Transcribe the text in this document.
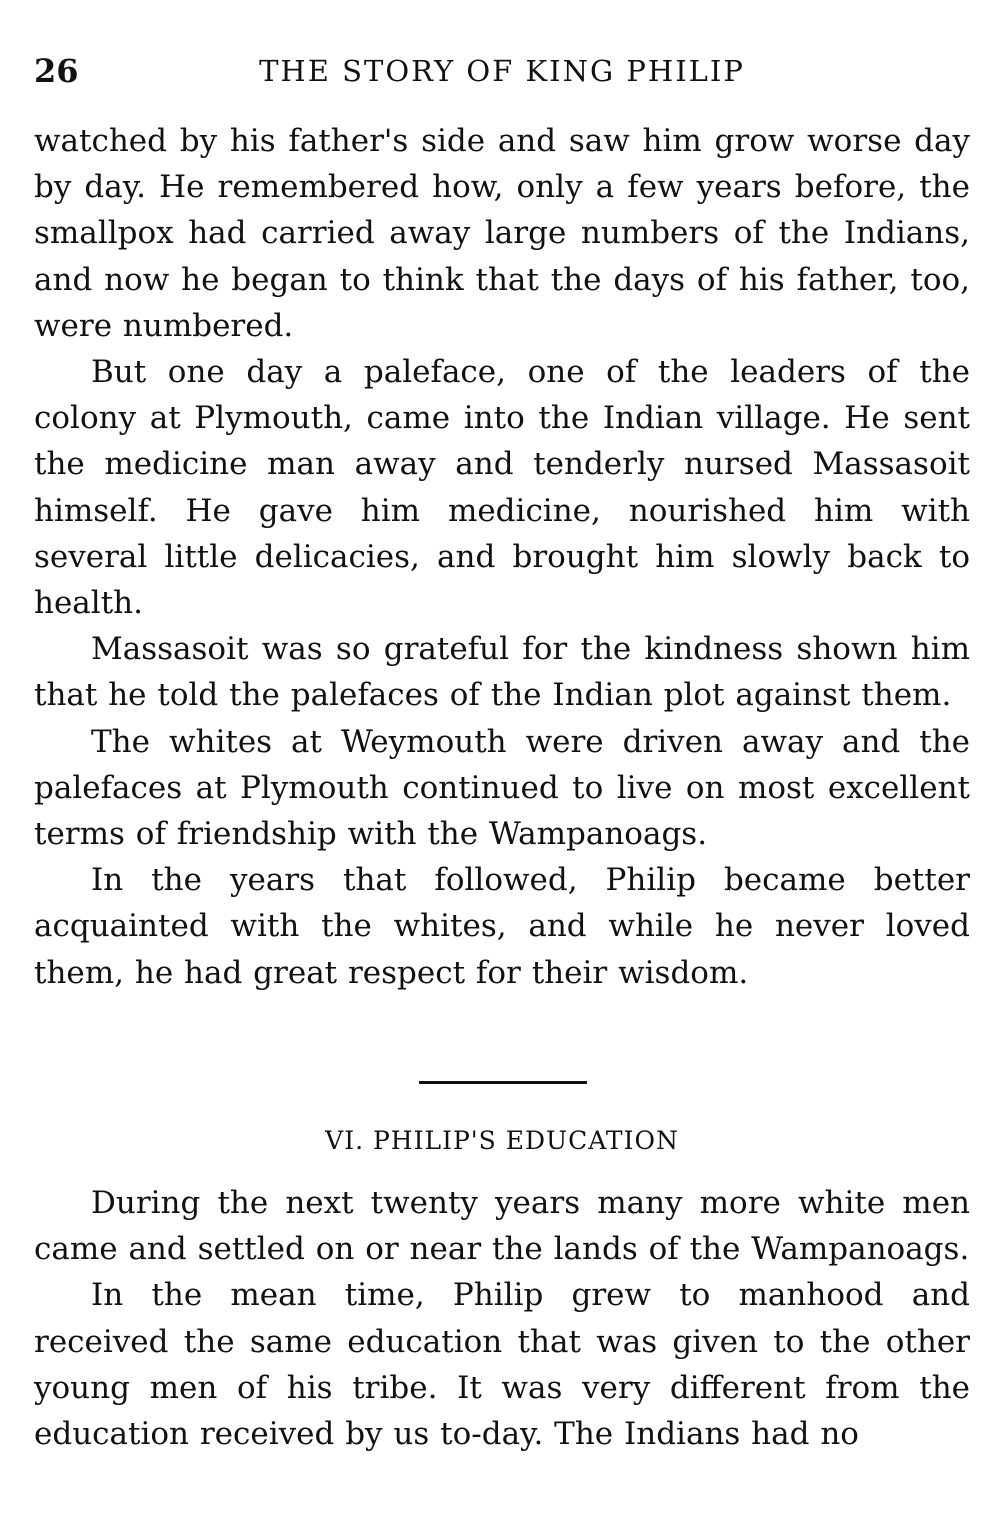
26	THE STORY OF KING PHILIP

watched by his father's side and saw him grow worse day by day. He remembered how, only a few years before, the smallpox had carried away large numbers of the Indians, and now he began to think that the days of his father, too, were numbered.

But one day a paleface, one of the leaders of the colony at Plymouth, came into the Indian village. He sent the medicine man away and tenderly nursed Massasoit himself. He gave him medicine, nourished him with several little delicacies, and brought him slowly back to health.

Massasoit was so grateful for the kindness shown him that he told the palefaces of the Indian plot against them.

The whites at Weymouth were driven away and the palefaces at Plymouth continued to live on most excellent terms of friendship with the Wampanoags.

In the years that followed, Philip became better acquainted with the whites, and while he never loved them, he had great respect for their wisdom.

VI. PHILIP'S EDUCATION

During the next twenty years many more white men came and settled on or near the lands of the Wampanoags.

In the mean time, Philip grew to manhood and received the same education that was given to the other young men of his tribe. It was very different from the education received by us to-day. The Indians had no
